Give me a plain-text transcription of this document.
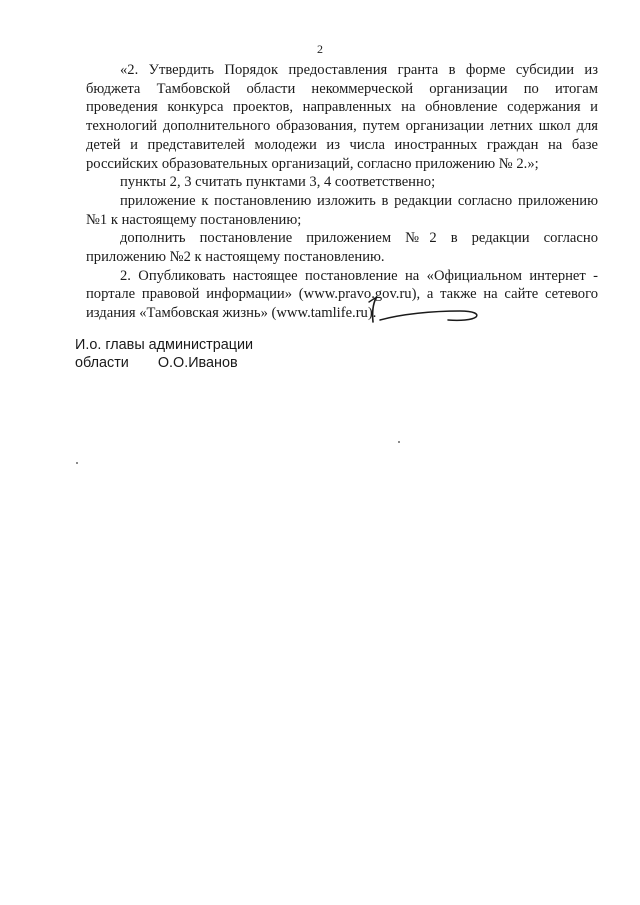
2

«2. Утвердить Порядок предоставления гранта в форме субсидии из бюджета Тамбовской области некоммерческой организации по итогам проведения конкурса проектов, направленных на обновление содержания и технологий дополнительного образования, путем организации летних школ для детей и представителей молодежи из числа иностранных граждан на базе российских образовательных организаций, согласно приложению № 2.»;

пункты 2, 3 считать пунктами 3, 4 соответственно;

приложение к постановлению изложить в редакции согласно приложению №1 к настоящему постановлению;

дополнить постановление приложением №2 в редакции согласно приложению №2 к настоящему постановлению.

2. Опубликовать настоящее постановление на «Официальном интернет - портале правовой информации» (www.pravo.gov.ru), а также на сайте сетевого издания «Тамбовская жизнь» (www.tamlife.ru).

И.о. главы администрации
области О.О.Иванов
